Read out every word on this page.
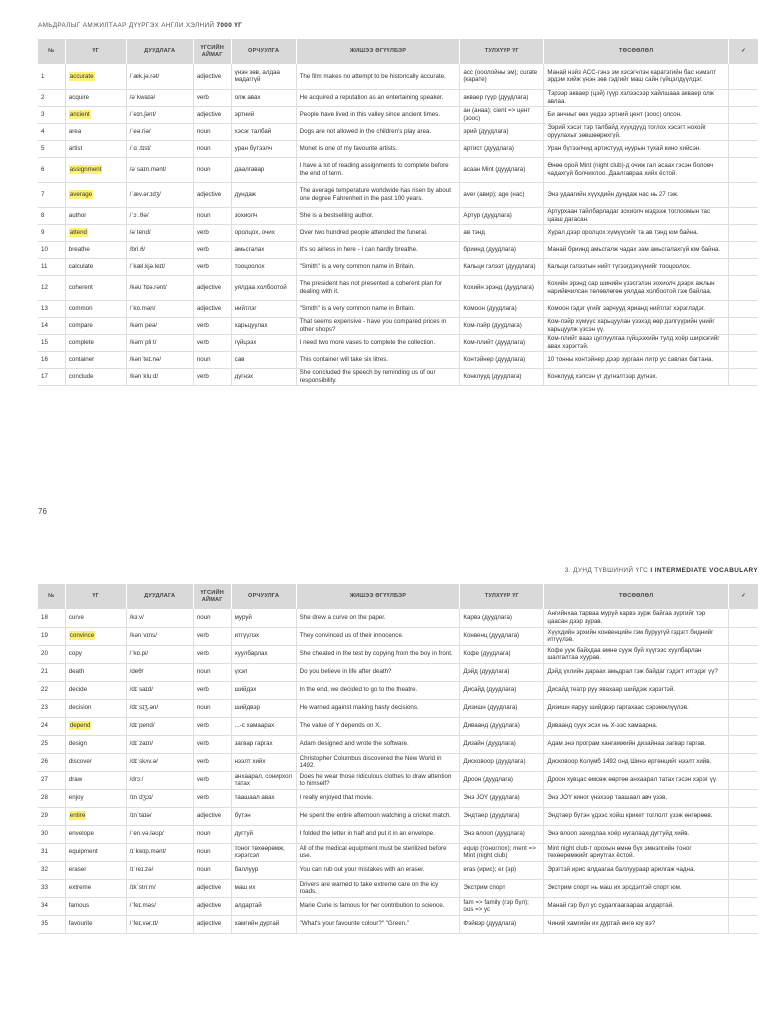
АМЬДРАЛЫГ АМЖИЛТААР ДҮҮРГЭХ АНГЛИ ХЭЛНИЙ 7000 ҮГ
№	ҮГ	ДУУДЛАГА	ҮГСИЙН АЙМАГ	ОРЧУУЛГА	ЖИШЭЭ ӨГҮҮЛБЭР	ТУЛХҮҮР ҮГ	ТӨСӨӨЛӨЛ	✓
1	accurate	/ˈæk.jə.rət/	adjective	үнэн зөв, алдаа мадаггүй	The film makes no attempt to be historically accurate.	acc (ооолойны эм); curate (карате)	Манай нэйз ACC-гэнэ эм хэсэгчлэн каратэгийн бас нэмэлт эрдэм хийж үнэн зөв гэдгийг маш сайн гүйцэлдүүлдэг.	
2	acquire	/əˈkwaɪə/	verb	олж авах	He acquired a reputation as an entertaining speaker.	акваер гүүр (дуудлага)	Тэрээр акваер (цэй) гүүр хэлээсээр хайлшааа акваер олж авлаа.	
3	ancient	/ˈeɪn.ʃənt/	adjective	эртний	People have lived in this valley since ancient times.	ан (анаа); cient => цент (зоос)	Би анчныг өөх үедээ эртний цент (зоос) олсон.	
4	area	/ˈeə.riə/	noun	хэсэг талбай	Dogs are not allowed in the children's play area.	эрий (дуудлага)	Ээрий хэсэг тэр талбайд хүүхдүүд тоглох хэсэгт нохойг оруулахыг зөвшөөрөхгүй.	
5	artist	/ˈɑː.tɪst/	noun	уран бүтээлч	Monet is one of my favourite artists.	артист (дуудлага)	Уран бүтээлчид артистууд нуурын тухай кино хийсэн.	
6	assignment	/əˈsaɪn.mənt/	noun	даалгавар	I have a lot of reading assignments to complete before the end of term.	асаан Mint (дуудлага)	Өнөө орой Mint (night club)-д очиж гал асаах гэсэн боловч чадахгүй болчихлоо. Даалгавраа хийх ёстой.	
7	average	/ˈæv.ər.ɪdʒ/	adjective	дундаж	The average temperature worldwide has risen by about one degree Fahrenheit in the past 100 years.	aver (авир); age (нас)	Энэ удаагийн хүүхдийн дундаж нас нь 27 гэж.	
8	author	/ˈɔː.θə/	noun	зохиолч	She is a bestselling author.	Артур (дуудлага)	Артурхаан тайлбарладаг зохиолч мэдээж тоглоомын тас цааш дагасан.	
9	attend	/əˈtend/	verb	оролцох, очих	Over two hundred people attended the funeral.	ав тэнд	Хурал дээр оролцох хүмүүсийг та ав тэнд юм байна.	
10	breathe	/briːð/	verb	амьсгалах	It's so airless in here - I can hardly breathe.	бриинд (дуудлага)	Манай бриинд амьсгалж чадах зам амьсгалахгүй юм байна.	
11	calculate	/ˈkæl.kjə.leɪt/	verb	тооцоолох	"Smith" is a very common name in Britain.	Кальци гэлээт (дуудлага)	Кальци гэлээтын нийт түгээгдэхүүнийг тооцоолох.	
12	coherent	/kəʊˈhɪə.rənt/	adjective	уялдаа холбоотой	The president has not presented a coherent plan for dealing with it.	Кохийн эрэнд (дуудлага)	Кохийн эрэнд сар шинийн үзэсгэлэн зохиолч дээрх ажлын нарийвчилсан төлөвлөгөө уялдаа холбоотой гэж байлаа.	
13	common	/ˈkɒ.mən/	adjective	нийтлэг	"Smith" is a very common name in Britain.	Комоон (дуудлага)	Комоон гэдэг үгийг зарчууд ярианд нийтлэг хэрэглэдэг.	
14	compare	/kəmˈpeə/	verb	харьцуулах	That seems expensive - have you compared prices in other shops?	Ком-пэйр (дуудлага)	Ком-пэйр хүмүүс харьцуулан үзэхэд өөр дэлгүүрийн үнийг харьцуулж үзсэн үү.	
15	complete	/kəmˈpliːt/	verb	гүйцээх	I need two more vases to complete the collection.	Ком-плийт (дуудлага)	Ком-плийт вааз цуглуулгаа гүйцээхийн тулд хоёр ширхэгийг авах хэрэгтэй.	
16	container	/kənˈteɪ.nə/	noun	сав	This container will take six litres.	Контэйнер (дуудлага)	10 тонны контэйнер дээр зургаан литр ус савлах багтана.	
17	conclude	/kənˈkluːd/	verb	дүгнэх	She concluded the speech by reminding us of our responsibility.	Конклууд (дуудлага)	Конклууд хэлсэн үг дүгнэлтээр дүгнэх.	
76
3. ДУНД ТҮВШИНИЙ ҮГС I INTERMEDIATE VOCABULARY
№	ҮГ	ДУУДЛАГА	ҮГСИЙН АЙМАГ	ОРЧУУЛГА	ЖИШЭЭ ӨГҮҮЛБЭР	ТУЛХҮҮР ҮГ	ТӨСӨӨЛӨЛ	✓
18	curve	/kɜːv/	noun	муруй	She drew a curve on the paper.	Карвэ (дуудлага)	Ангийнхаа тарваа муруй карвэ зурж байгаа зургийг тэр цаасан дээр зурав.	
19	convince	/kənˈvɪns/	verb	итгүүлэх	They convinced us of their innocence.	Конвенц (дуудлага)	Хүүхдийн эрхийн конвенцийн гэм буруугүй гэдэгт биднийг итгүүлэв.	
20	copy	/ˈkɒ.pi/	verb	хуулбарлах	She cheated in the test by copying from the boy in front.	Кофе (дуудлага)	Кофе ууж байхдаа өмнө сууж буй хүүгээс хуулбарлан шалгалтаа хуурав.	
21	death	/deθ/	noun	үхэл	Do you believe in life after death?	Дэйд (дуудлага)	Дэйд үхлийн дараах амьдрал гэж байдаг гэдэгт итгэдэг үү?	
22	decide	/dɪˈsaɪd/	verb	шийдэх	In the end, we decided to go to the theatre.	Дисайд (дуудлага)	Дисайд театр руу явахаар шийдэж хэрэгтэй.	
23	decision	/dɪˈsɪʒ.ən/	noun	шийдвэр	He warned against making hasty decisions.	Дизишн (дуудлага)	Дизишн яаруу шийдвэр гаргахаас сэрэмжлүүлэв.	
24	depend	/dɪˈpend/	verb	...-с хамаарах	The value of Y depends on X.	Диваанд (дуудлага)	Диваанд суух эсэх нь Х-ээс хамаарна.	
25	design	/dɪˈzaɪn/	verb	загвар гаргах	Adam designed and wrote the software.	Дизайн (дуудлага)	Адам энэ програм хангамжийн дизайнаа загвар гаргав.	
26	discover	/dɪˈskʌv.ə/	verb	нээлт хийх	Christopher Columbus discovered the New World in 1492.	Дисковоор (дуудлага)	Дисковоор Колумб 1492 онд Шинэ ертөнцийг нээлт хийв.	
27	draw	/drɔː/	verb	анхаарал, сонирхол татах	Does he wear those ridiculous clothes to draw attention to himself?	Дроон (дуудлага)	Дроон хувцас өмсөж өөртөө анхаарал татах гэсэн хэрэг үү.	
28	enjoy	/ɪnˈdʒɔɪ/	verb	таашаал авах	I really enjoyed that movie.	Энэ JOY (дуудлага)	Энэ JOY киног үнэхээр таашаал авч үзэв.	
29	entire	/ɪnˈtaɪə/	adjective	бүтэн	He spent the entire afternoon watching a cricket match.	Эндтаер (дуудлага)	Эндтаер бүтэн үдээс хойш крикет тоглолт үзэж өнгөрөөв.	
30	envelope	/ˈen.və.ləʊp/	noun	дугтуй	I folded the letter in half and put it in an envelope.	Энэ влооп (дуудлага)	Энэ влооп захидлаа хоёр нугалаад дугтуйд хийв.	
31	equipment	/ɪˈkwɪp.mənt/	noun	тоног төхөөрөмж, хэрэгсэл	All of the medical equipment must be sterilized before use.	equip (тоноглох); ment => Mint (night club)	Mint night club-т орохын өмнө бүх эмнэлгийн тоног төхөөрөмжийг ариутгах ёстой.	
32	eraser	/ɪˈreɪ.zə/	noun	баллуур	You can rub out your mistakes with an eraser.	eras (ирис); er (эр)	Эрэгтэй ирис алдаагаа баллуураар арилгаж чадна.	
33	extreme	/ɪkˈstriːm/	adjective	маш их	Drivers are warned to take extreme care on the icy roads.	Экстрим спорт	Экстрим спорт нь маш их эрсдэлтэй спорт юм.	
34	famous	/ˈfeɪ.məs/	adjective	алдартай	Marie Curie is famous for her contribution to science.	fam => family (гэр бүл); ous => ус	Манай гэр бүл ус судалгаагаараа алдартай.	
35	favourite	/ˈfeɪ.vər.ɪt/	adjective	хамгийн дуртай	"What's your favourite colour?" "Green."	Фэйвэр (дуудлага)	Чиний хамгийн их дуртай өнгө юу вэ?	
